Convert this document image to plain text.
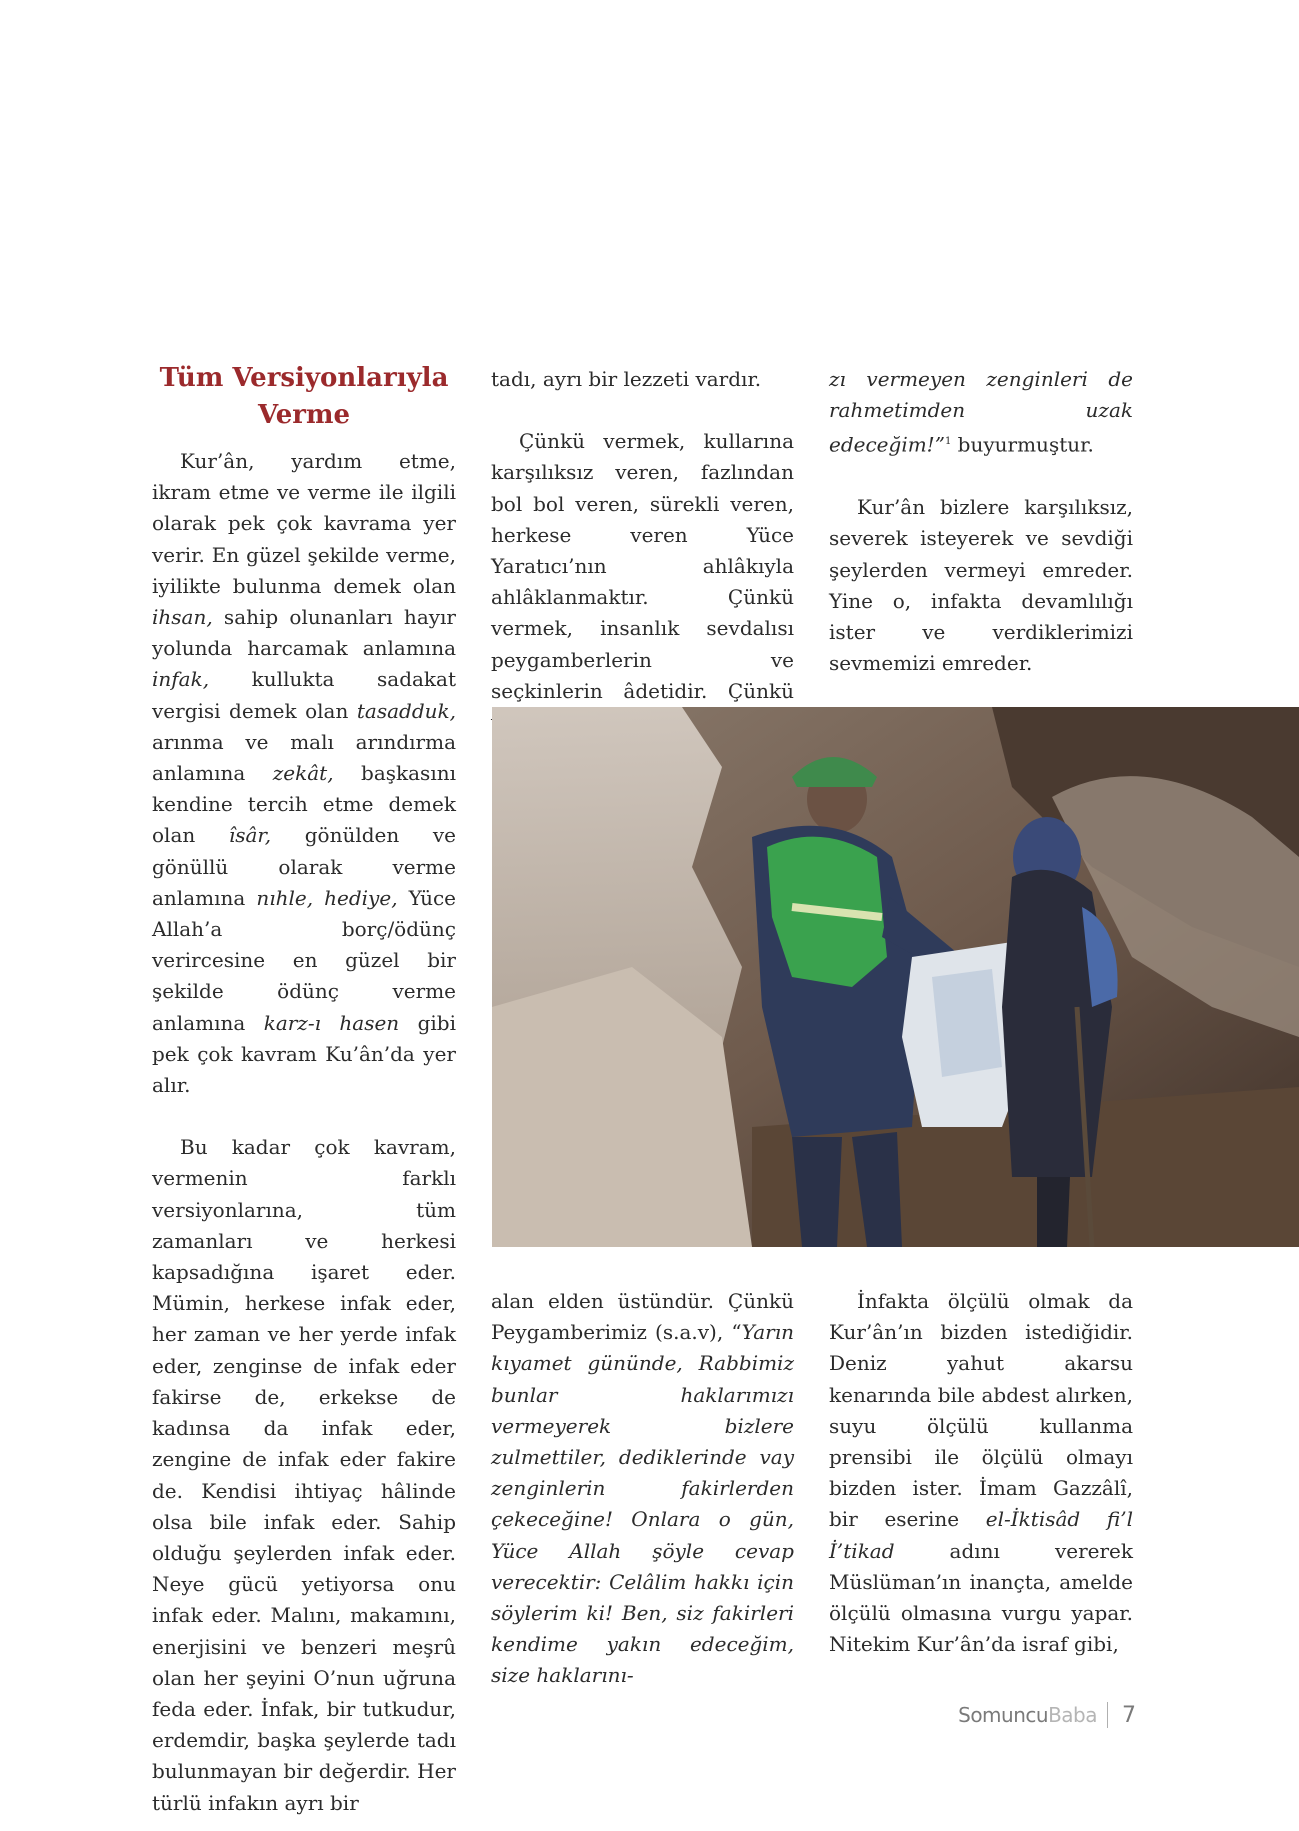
Tüm Versiyonlarıyla Verme

Kur’ân, yardım etme, ikram etme ve verme ile ilgili olarak pek çok kavrama yer verir. En güzel şekilde verme, iyilikte bulunma demek olan ihsan, sahip olunanları hayır yolunda harcamak anlamına infak, kullukta sadakat vergisi demek olan tasadduk, arınma ve malı arındırma anlamına zekât, başkasını kendine tercih etme demek olan îsâr, gönülden ve gönüllü olarak verme anlamına nıhle, hediye, Yüce Allah’a borç/ödünç verircesine en güzel bir şekilde ödünç verme anlamına karz-ı hasen gibi pek çok kavram Ku’ân’da yer alır.

Bu kadar çok kavram, vermenin farklı versiyonlarına, tüm zamanları ve herkesi kapsadığına işaret eder. Mümin, herkese infak eder, her zaman ve her yerde infak eder, zenginse de infak eder fakirse de, erkekse de kadınsa da infak eder, zengine de infak eder fakire de. Kendisi ihtiyaç hâlinde olsa bile infak eder. Sahip olduğu şeylerden infak eder. Neye gücü yetiyorsa onu infak eder. Malını, makamını, enerjisini ve benzeri meşrû olan her şeyini O’nun uğruna feda eder. İnfak, bir tutkudur, erdemdir, başka şeylerde tadı bulunmayan bir değerdir. Her türlü infakın ayrı bir

tadı, ayrı bir lezzeti vardır.

Çünkü vermek, kullarına karşılıksız veren, fazlından bol bol veren, sürekli veren, herkese veren Yüce Yaratıcı’nın ahlâkıyla ahlâklanmaktır. Çünkü vermek, insanlık sevdalısı peygamberlerin ve seçkinlerin âdetidir. Çünkü

zı vermeyen zenginleri de rahmetimden uzak edeceğim!”$^1$ buyurmuştur.

Kur’ân bizlere karşılıksız, severek isteyerek ve sevdiği şeylerden vermeyi emreder. Yine o, infakta devamlılığı ister ve verdiklerimizi sevmemizi emreder.

alan elden üstündür. Çünkü Peygamberimiz (s.a.v), “Yarın kıyamet gününde, Rabbimiz bunlar haklarımızı vermeyerek bizlere zulmettiler, dediklerinde vay zenginlerin fakirlerden çekeceğine! Onlara o gün, Yüce Allah şöyle cevap verecektir: Celâlim hakkı için söylerim ki! Ben, siz fakirleri kendime yakın edeceğim, size haklarını-

İnfakta ölçülü olmak da Kur’ân’ın bizden istediğidir. Deniz yahut akarsu kenarında bile abdest alırken, suyu ölçülü kullanma prensibi ile ölçülü olmayı bizden ister. İmam Gazzâlî, bir eserine el-İktisâd fi’l İ’tikad adını vererek Müslüman’ın inançta, amelde ölçülü olmasına vurgu yapar. Nitekim Kur’ân’da israf gibi,

SomuncuBaba 7
